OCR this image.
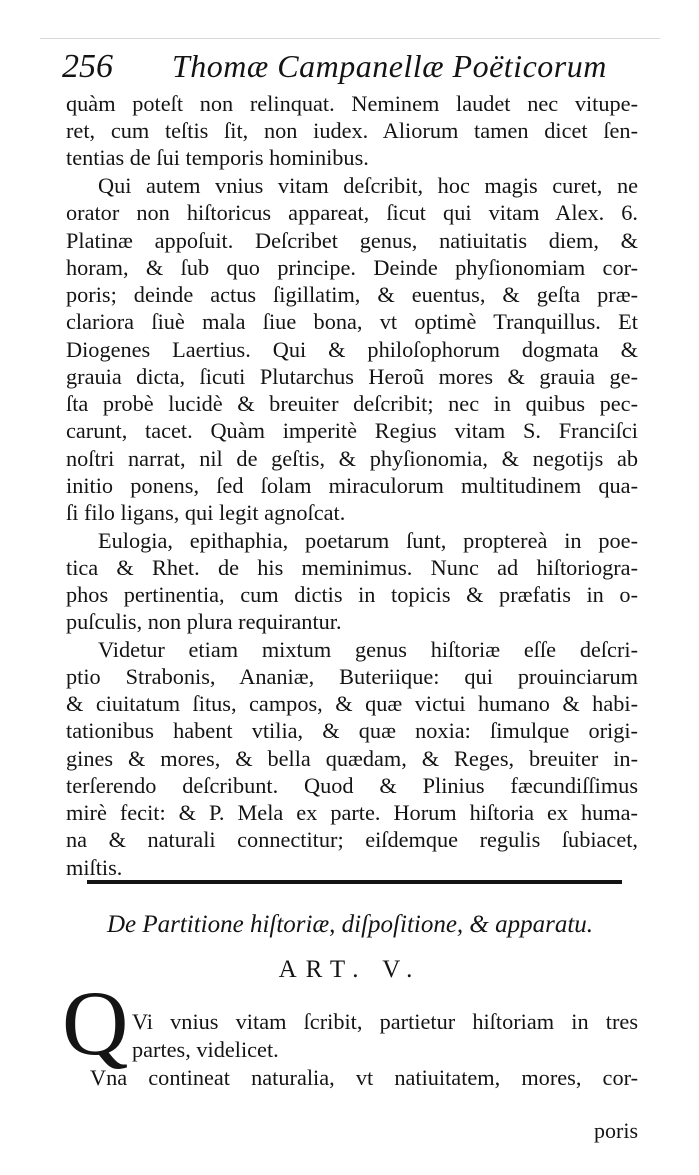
256 Thomæ Campanellæ Poëticorum
quàm poteſt non relinquat. Neminem laudet nec vitupe-
ret, cum teſtis ſit, non iudex. Aliorum tamen dicet ſen-
tentias de ſui temporis hominibus.
Qui autem vnius vitam deſcribit, hoc magis curet, ne
orator non hiſtoricus appareat, ſicut qui vitam Alex. 6.
Platinæ appoſuit. Deſcribet genus, natiuitatis diem, &
horam, & ſub quo principe. Deinde phyſionomiam cor-
poris; deinde actus ſigillatim, & euentus, & geſta præ-
clariora ſiuè mala ſiue bona, vt optimè Tranquillus. Et
Diogenes Laertius. Qui & philoſophorum dogmata &
grauia dicta, ſicuti Plutarchus Heroũ mores & grauia ge-
ſta probè lucidè & breuiter deſcribit; nec in quibus pec-
carunt, tacet. Quàm imperitè Regius vitam S. Franciſci
noſtri narrat, nil de geſtis, & phyſionomia, & negotijs ab
initio ponens, ſed ſolam miraculorum multitudinem qua-
ſi filo ligans, qui legit agnoſcat.
Eulogia, epithaphia, poetarum ſunt, proptereà in poe-
tica & Rhet. de his meminimus. Nunc ad hiſtoriogra-
phos pertinentia, cum dictis in topicis & præfatis in o-
puſculis, non plura requirantur.
Videtur etiam mixtum genus hiſtoriæ eſſe deſcri-
ptio Strabonis, Ananiæ, Buteriique: qui prouinciarum
& ciuitatum ſitus, campos, & quæ victui humano & habi-
tationibus habent vtilia, & quæ noxia: ſimulque origi-
gines & mores, & bella quædam, & Reges, breuiter in-
terſerendo deſcribunt. Quod & Plinius fæcundiſſimus
mirè fecit: & P. Mela ex parte. Horum hiſtoria ex huma-
na & naturali connectitur; eiſdemque regulis ſubiacet,
miſtis.
De Partitione hiſtoriæ, diſpoſitione, & apparatu.
ART. V.
Q Vi vnius vitam ſcribit, partietur hiſtoriam in tres
partes, videlicet.
Vna contineat naturalia, vt natiuitatem, mores, cor-
poris
